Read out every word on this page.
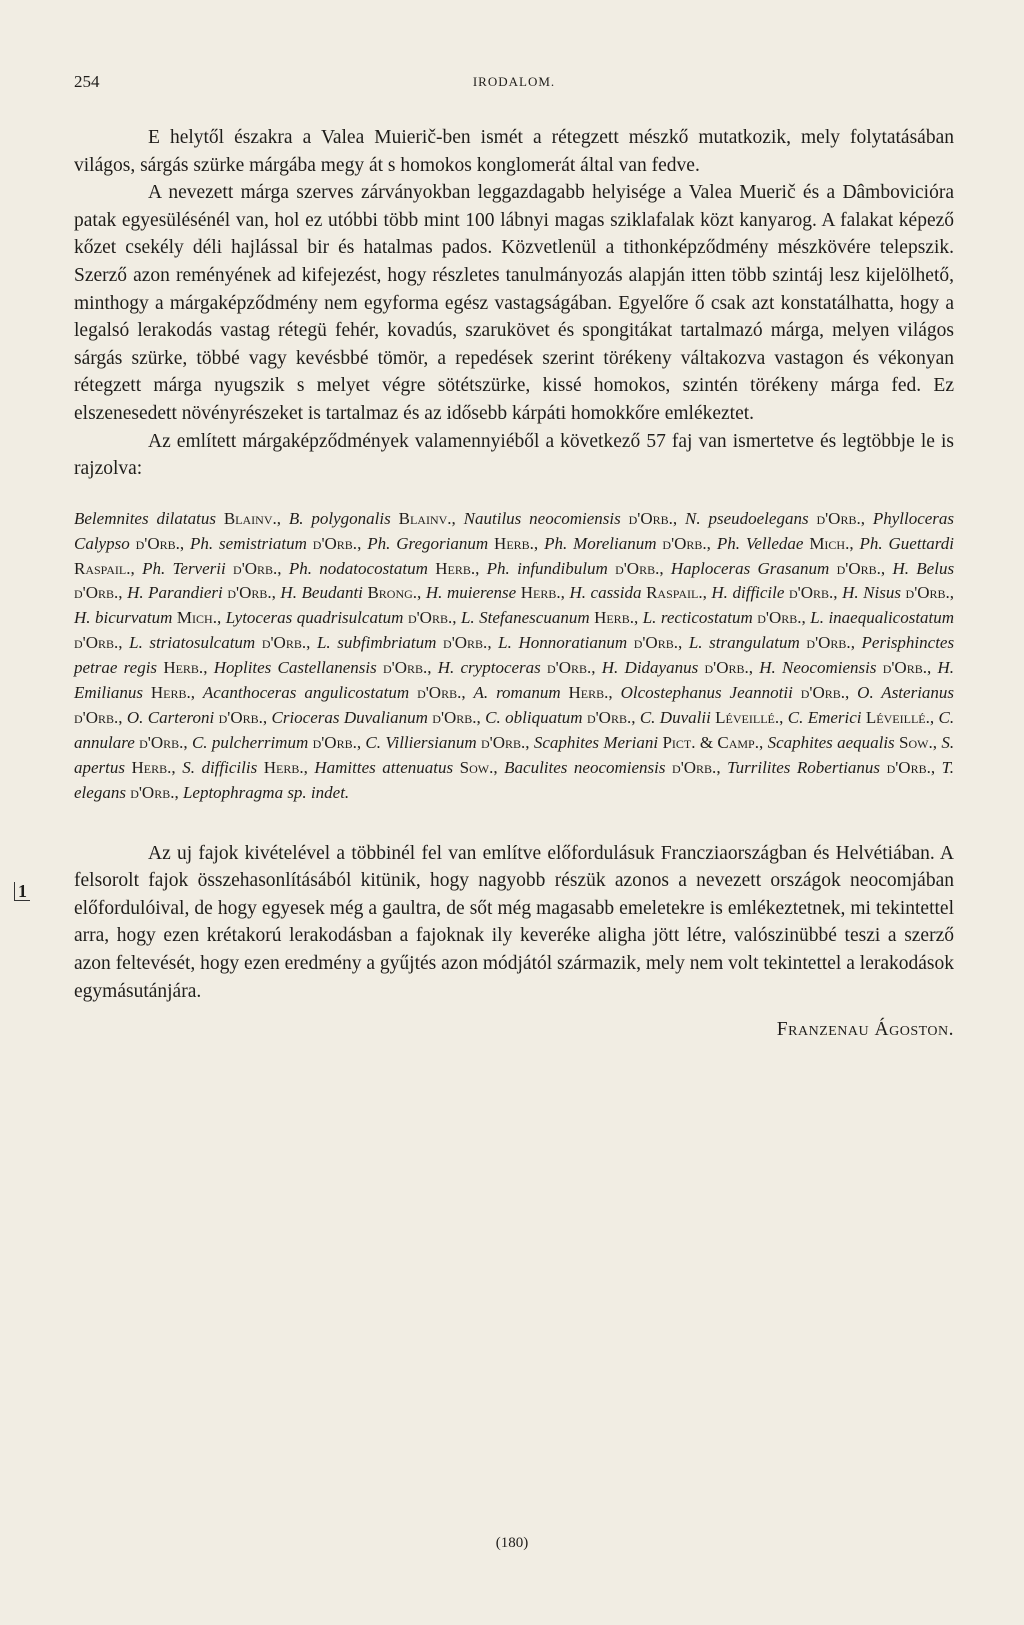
254	IRODALOM.
1

E helytől északra a Valea Muierič-ben ismét a rétegzett mészkő mutatkozik, mely folytatásában világos, sárgás szürke márgába megy át s homokos konglomerát által van fedve.

A nevezett márga szerves zárványokban leggazdagabb helyisége a Valea Muerič és a Dâmbovicióra patak egyesülésénél van, hol ez utóbbi több mint 100 lábnyi magas sziklafalak közt kanyarog. A falakat képező kőzet csekély déli hajlással bir és hatalmas pados. Közvetlenül a tithonképződmény mészkövére telepszik. Szerző azon reményének ad kifejezést, hogy részletes tanulmányozás alapján itten több szintáj lesz kijelölhető, minthogy a márgaképződmény nem egyforma egész vastagságában. Egyelőre ő csak azt konstatálhatta, hogy a legalsó lerakodás vastag rétegü fehér, kovadús, szarukövet és spongitákat tartalmazó márga, melyen világos sárgás szürke, többé vagy kevésbbé tömör, a repedések szerint törékeny váltakozva vastagon és vékonyan rétegzett márga nyugszik s melyet végre sötétszürke, kissé homokos, szintén törékeny márga fed. Ez elszenesedett növényrészeket is tartalmaz és az idősebb kárpáti homokkőre emlékeztet.

Az említett márgaképződmények valamennyiéből a következő 57 faj van ismertetve és legtöbbje le is rajzolva:

Belemnites dilatatus Blainv., B. polygonalis Blainv., Nautilus neocomiensis d'Orb., N. pseudoelegans d'Orb., Phylloceras Calypso d'Orb., Ph. semistriatum d'Orb., Ph. Gregorianum Herb., Ph. Morelianum d'Orb., Ph. Velledae Mich., Ph. Guettardi Raspail., Ph. Terverii d'Orb., Ph. nodatocostatum Herb., Ph. infundibulum d'Orb., Haploceras Grasanum d'Orb., H. Belus d'Orb., H. Parandieri d'Orb., H. Beudanti Brong., H. muierense Herb., H. cassida Raspail., H. difficile d'Orb., H. Nisus d'Orb., H. bicurvatum Mich., Lytoceras quadrisulcatum d'Orb., L. Stefanescuanum Herb., L. recticostatum d'Orb., L. inaequalicostatum d'Orb., L. striatosulcatum d'Orb., L. subfimbriatum d'Orb., L. Honnoratianum d'Orb., L. strangulatum d'Orb., Perisphinctes petrae regis Herb., Hoplites Castellanensis d'Orb., H. cryptoceras d'Orb., H. Didayanus d'Orb., H. Neocomiensis d'Orb., H. Emilianus Herb., Acanthoceras angulicostatum d'Orb., A. romanum Herb., Olcostephanus Jeannotii d'Orb., O. Asterianus d'Orb., O. Carteroni d'Orb., Crioceras Duvalianum d'Orb., C. obliquatum d'Orb., C. Duvalii Léveillé., C. Emerici Léveillé., C. annulare d'Orb., C. pulcherrimum d'Orb., C. Villiersianum d'Orb., Scaphites Meriani Pict. & Camp., Scaphites aequalis Sow., S. apertus Herb., S. difficilis Herb., Hamittes attenuatus Sow., Baculites neocomiensis d'Orb., Turrilites Robertianus d'Orb., T. elegans d'Orb., Leptophragma sp. indet.

Az uj fajok kivételével a többinél fel van említve előfordulásuk Francziaországban és Helvétiában. A felsorolt fajok összehasonlításából kitünik, hogy nagyobb részük azonos a nevezett országok neocomjában előfordulóival, de hogy egyesek még a gaultra, de sőt még magasabb emeletekre is emlékeztetnek, mi tekintettel arra, hogy ezen krétakorú lerakodásban a fajoknak ily keveréke aligha jött létre, valószinübbé teszi a szerző azon feltevését, hogy ezen eredmény a gyűjtés azon módjától származik, mely nem volt tekintettel a lerakodások egymásutánjára.

Franzenau Ágoston.
(180)
